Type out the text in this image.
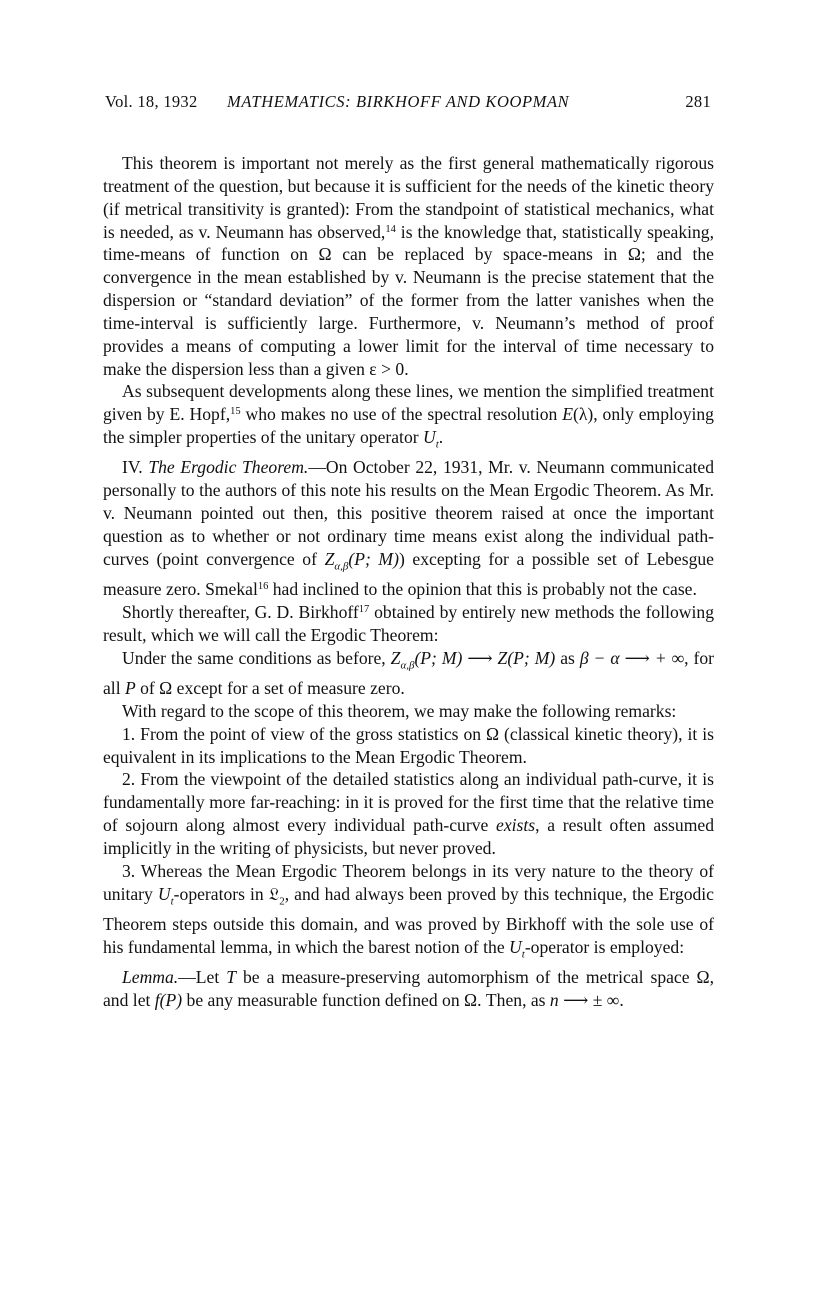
Vol. 18, 1932 MATHEMATICS: BIRKHOFF AND KOOPMAN	281

This theorem is important not merely as the first general mathematically rigorous treatment of the question, but because it is sufficient for the needs of the kinetic theory (if metrical transitivity is granted): From the standpoint of statistical mechanics, what is needed, as v. Neumann has observed,$^{14}$ is the knowledge that, statistically speaking, time-means of function on Ω can be replaced by space-means in Ω; and the convergence in the mean established by v. Neumann is the precise statement that the dispersion or “standard deviation” of the former from the latter vanishes when the time-interval is sufficiently large. Furthermore, v. Neumann’s method of proof provides a means of computing a lower limit for the interval of time necessary to make the dispersion less than a given ε > 0.

As subsequent developments along these lines, we mention the simplified treatment given by E. Hopf,$^{15}$ who makes no use of the spectral resolution E(λ), only employing the simpler properties of the unitary operator $U_t$.

IV. The Ergodic Theorem.—On October 22, 1931, Mr. v. Neumann communicated personally to the authors of this note his results on the Mean Ergodic Theorem. As Mr. v. Neumann pointed out then, this positive theorem raised at once the important question as to whether or not ordinary time means exist along the individual path-curves (point convergence of $Z_{\alpha,\beta}(P$; M)) excepting for a possible set of Lebesgue measure zero. Smekal$^{16}$ had inclined to the opinion that this is probably not the case.

Shortly thereafter, G. D. Birkhoff$^{17}$ obtained by entirely new methods the following result, which we will call the Ergodic Theorem:

Under the same conditions as before, $Z_{\alpha,\beta}(P$; M) ⟶ Z(P; M) as β − α ⟶ + ∞, for all P of Ω except for a set of measure zero.

With regard to the scope of this theorem, we may make the following remarks:

1. From the point of view of the gross statistics on Ω (classical kinetic theory), it is equivalent in its implications to the Mean Ergodic Theorem.

2. From the viewpoint of the detailed statistics along an individual path-curve, it is fundamentally more far-reaching: in it is proved for the first time that the relative time of sojourn along almost every individual path-curve exists, a result often assumed implicitly in the writing of physicists, but never proved.

3. Whereas the Mean Ergodic Theorem belongs in its very nature to the theory of unitary $U_t$-operators in 𝔏$_2$, and had always been proved by this technique, the Ergodic Theorem steps outside this domain, and was proved by Birkhoff with the sole use of his fundamental lemma, in which the barest notion of the $U_t$-operator is employed:

Lemma.—Let T be a measure-preserving automorphism of the metrical space Ω, and let f(P) be any measurable function defined on Ω. Then, as n ⟶ ± ∞.
